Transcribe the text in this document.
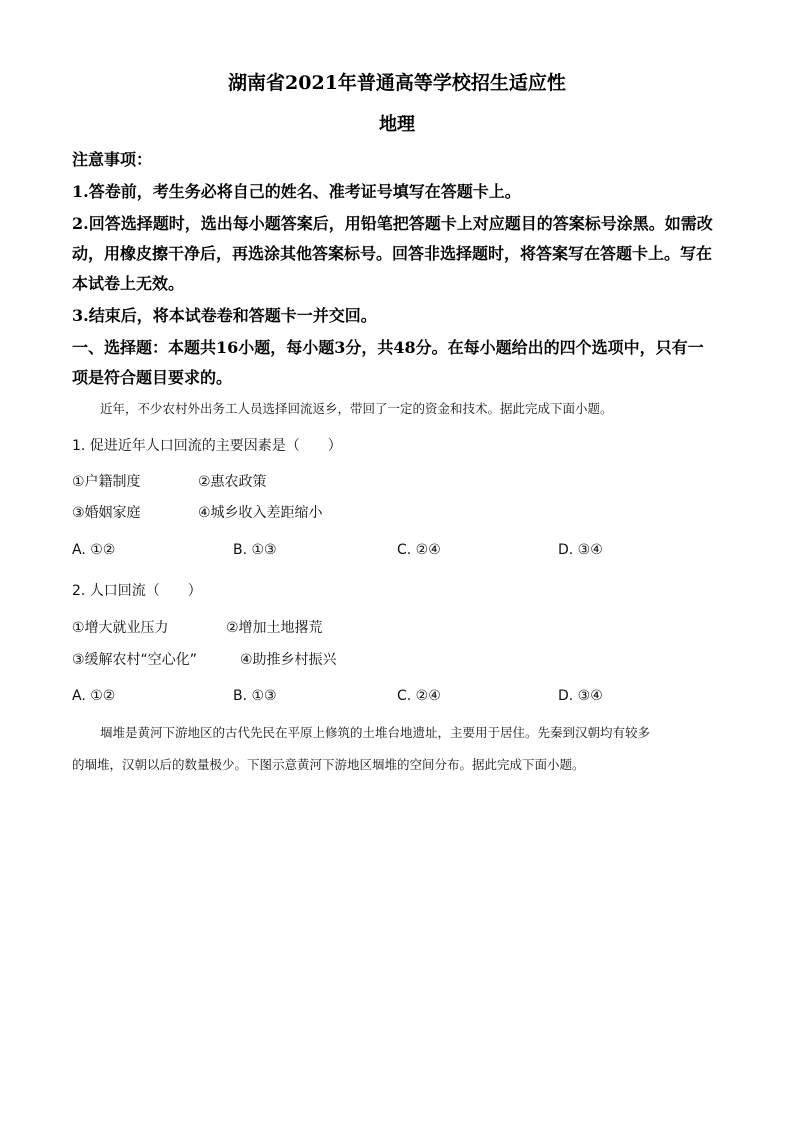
湖南省2021年普通高等学校招生适应性
地理
注意事项：
1.答卷前，考生务必将自己的姓名、准考证号填写在答题卡上。
2.回答选择题时，选出每小题答案后，用铅笔把答题卡上对应题目的答案标号涂黑。如需改
动，用橡皮擦干净后，再选涂其他答案标号。回答非选择题时，将答案写在答题卡上。写在
本试卷上无效。
3.结束后，将本试卷卷和答题卡一并交回。
一、选择题：本题共16小题，每小题3分，共48分。在每小题给出的四个选项中，只有一
项是符合题目要求的。
近年，不少农村外出务工人员选择回流返乡，带回了一定的资金和技术。据此完成下面小题。
1. 促进近年人口回流的主要因素是（　　）
①户籍制度	②惠农政策
③婚姻家庭	④城乡收入差距缩小
A. ①②	B. ①③	C. ②④	D. ③④
2. 人口回流（　　）
①增大就业压力	②增加土地撂荒
③缓解农村“空心化”	④助推乡村振兴
A. ①②	B. ①③	C. ②④	D. ③④
堌堆是黄河下游地区的古代先民在平原上修筑的土堆台地遗址，主要用于居住。先秦到汉朝均有较多
的堌堆，汉朝以后的数量极少。下图示意黄河下游地区堌堆的空间分布。据此完成下面小题。
